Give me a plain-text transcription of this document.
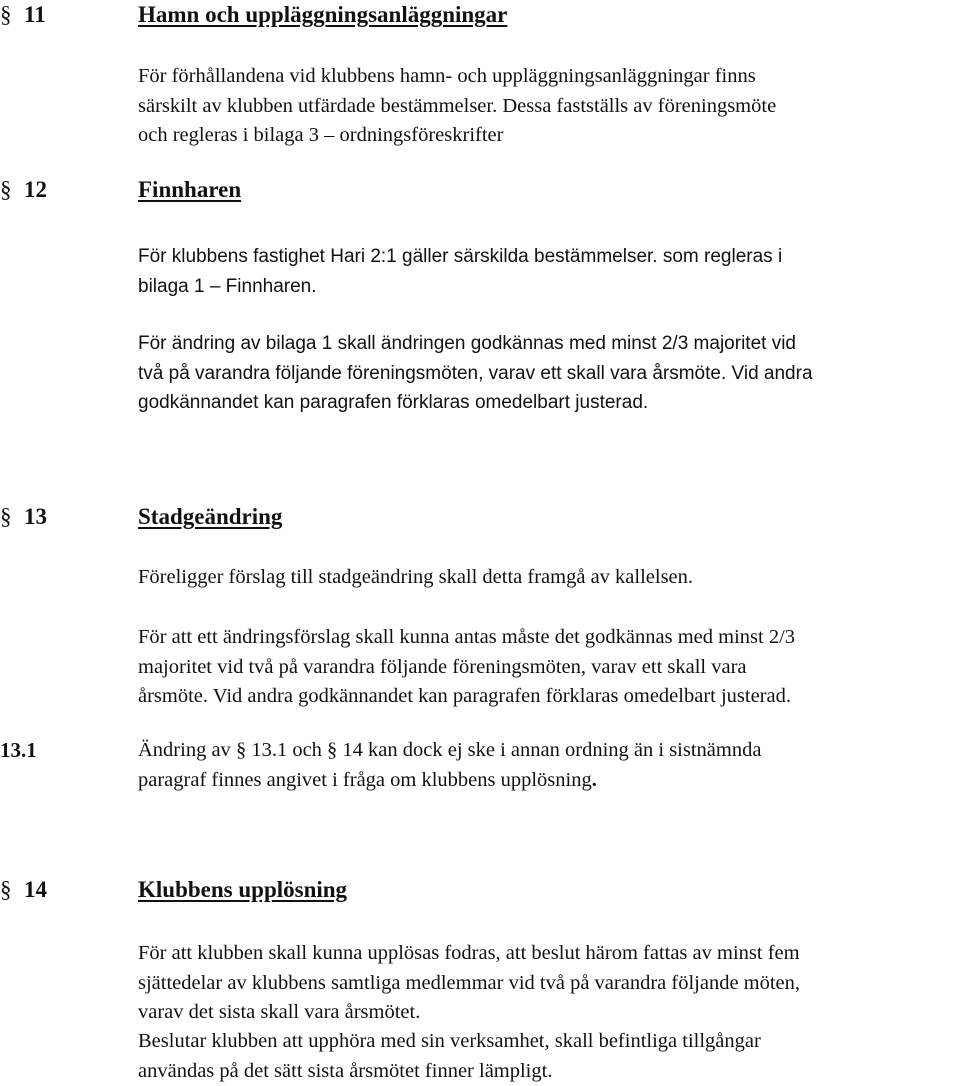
§ 11	Hamn och uppläggningsanläggningar
För förhållandena vid klubbens hamn- och uppläggningsanläggningar finns
särskilt av klubben utfärdade bestämmelser. Dessa fastställs av föreningsmöte
och regleras i bilaga 3 – ordningsföreskrifter
§ 12	Finnharen
För klubbens fastighet Hari 2:1 gäller särskilda bestämmelser. som regleras i
bilaga 1 – Finnharen.
För ändring av bilaga 1 skall ändringen godkännas med minst 2/3 majoritet vid
två på varandra följande föreningsmöten, varav ett skall vara årsmöte. Vid andra
godkännandet kan paragrafen förklaras omedelbart justerad.
§ 13	Stadgeändring
Föreligger förslag till stadgeändring skall detta framgå av kallelsen.
För att ett ändringsförslag skall kunna antas måste det godkännas med minst 2/3
majoritet vid två på varandra följande föreningsmöten, varav ett skall vara
årsmöte. Vid andra godkännandet kan paragrafen förklaras omedelbart justerad.
13.1	Ändring av § 13.1 och § 14 kan dock ej ske i annan ordning än i sistnämnda
paragraf finnes angivet i fråga om klubbens upplösning.
§ 14	Klubbens upplösning
För att klubben skall kunna upplösas fodras, att beslut härom fattas av minst fem
sjättedelar av klubbens samtliga medlemmar vid två på varandra följande möten,
varav det sista skall vara årsmötet.
Beslutar klubben att upphöra med sin verksamhet, skall befintliga tillgångar
användas på det sätt sista årsmötet finner lämpligt.
